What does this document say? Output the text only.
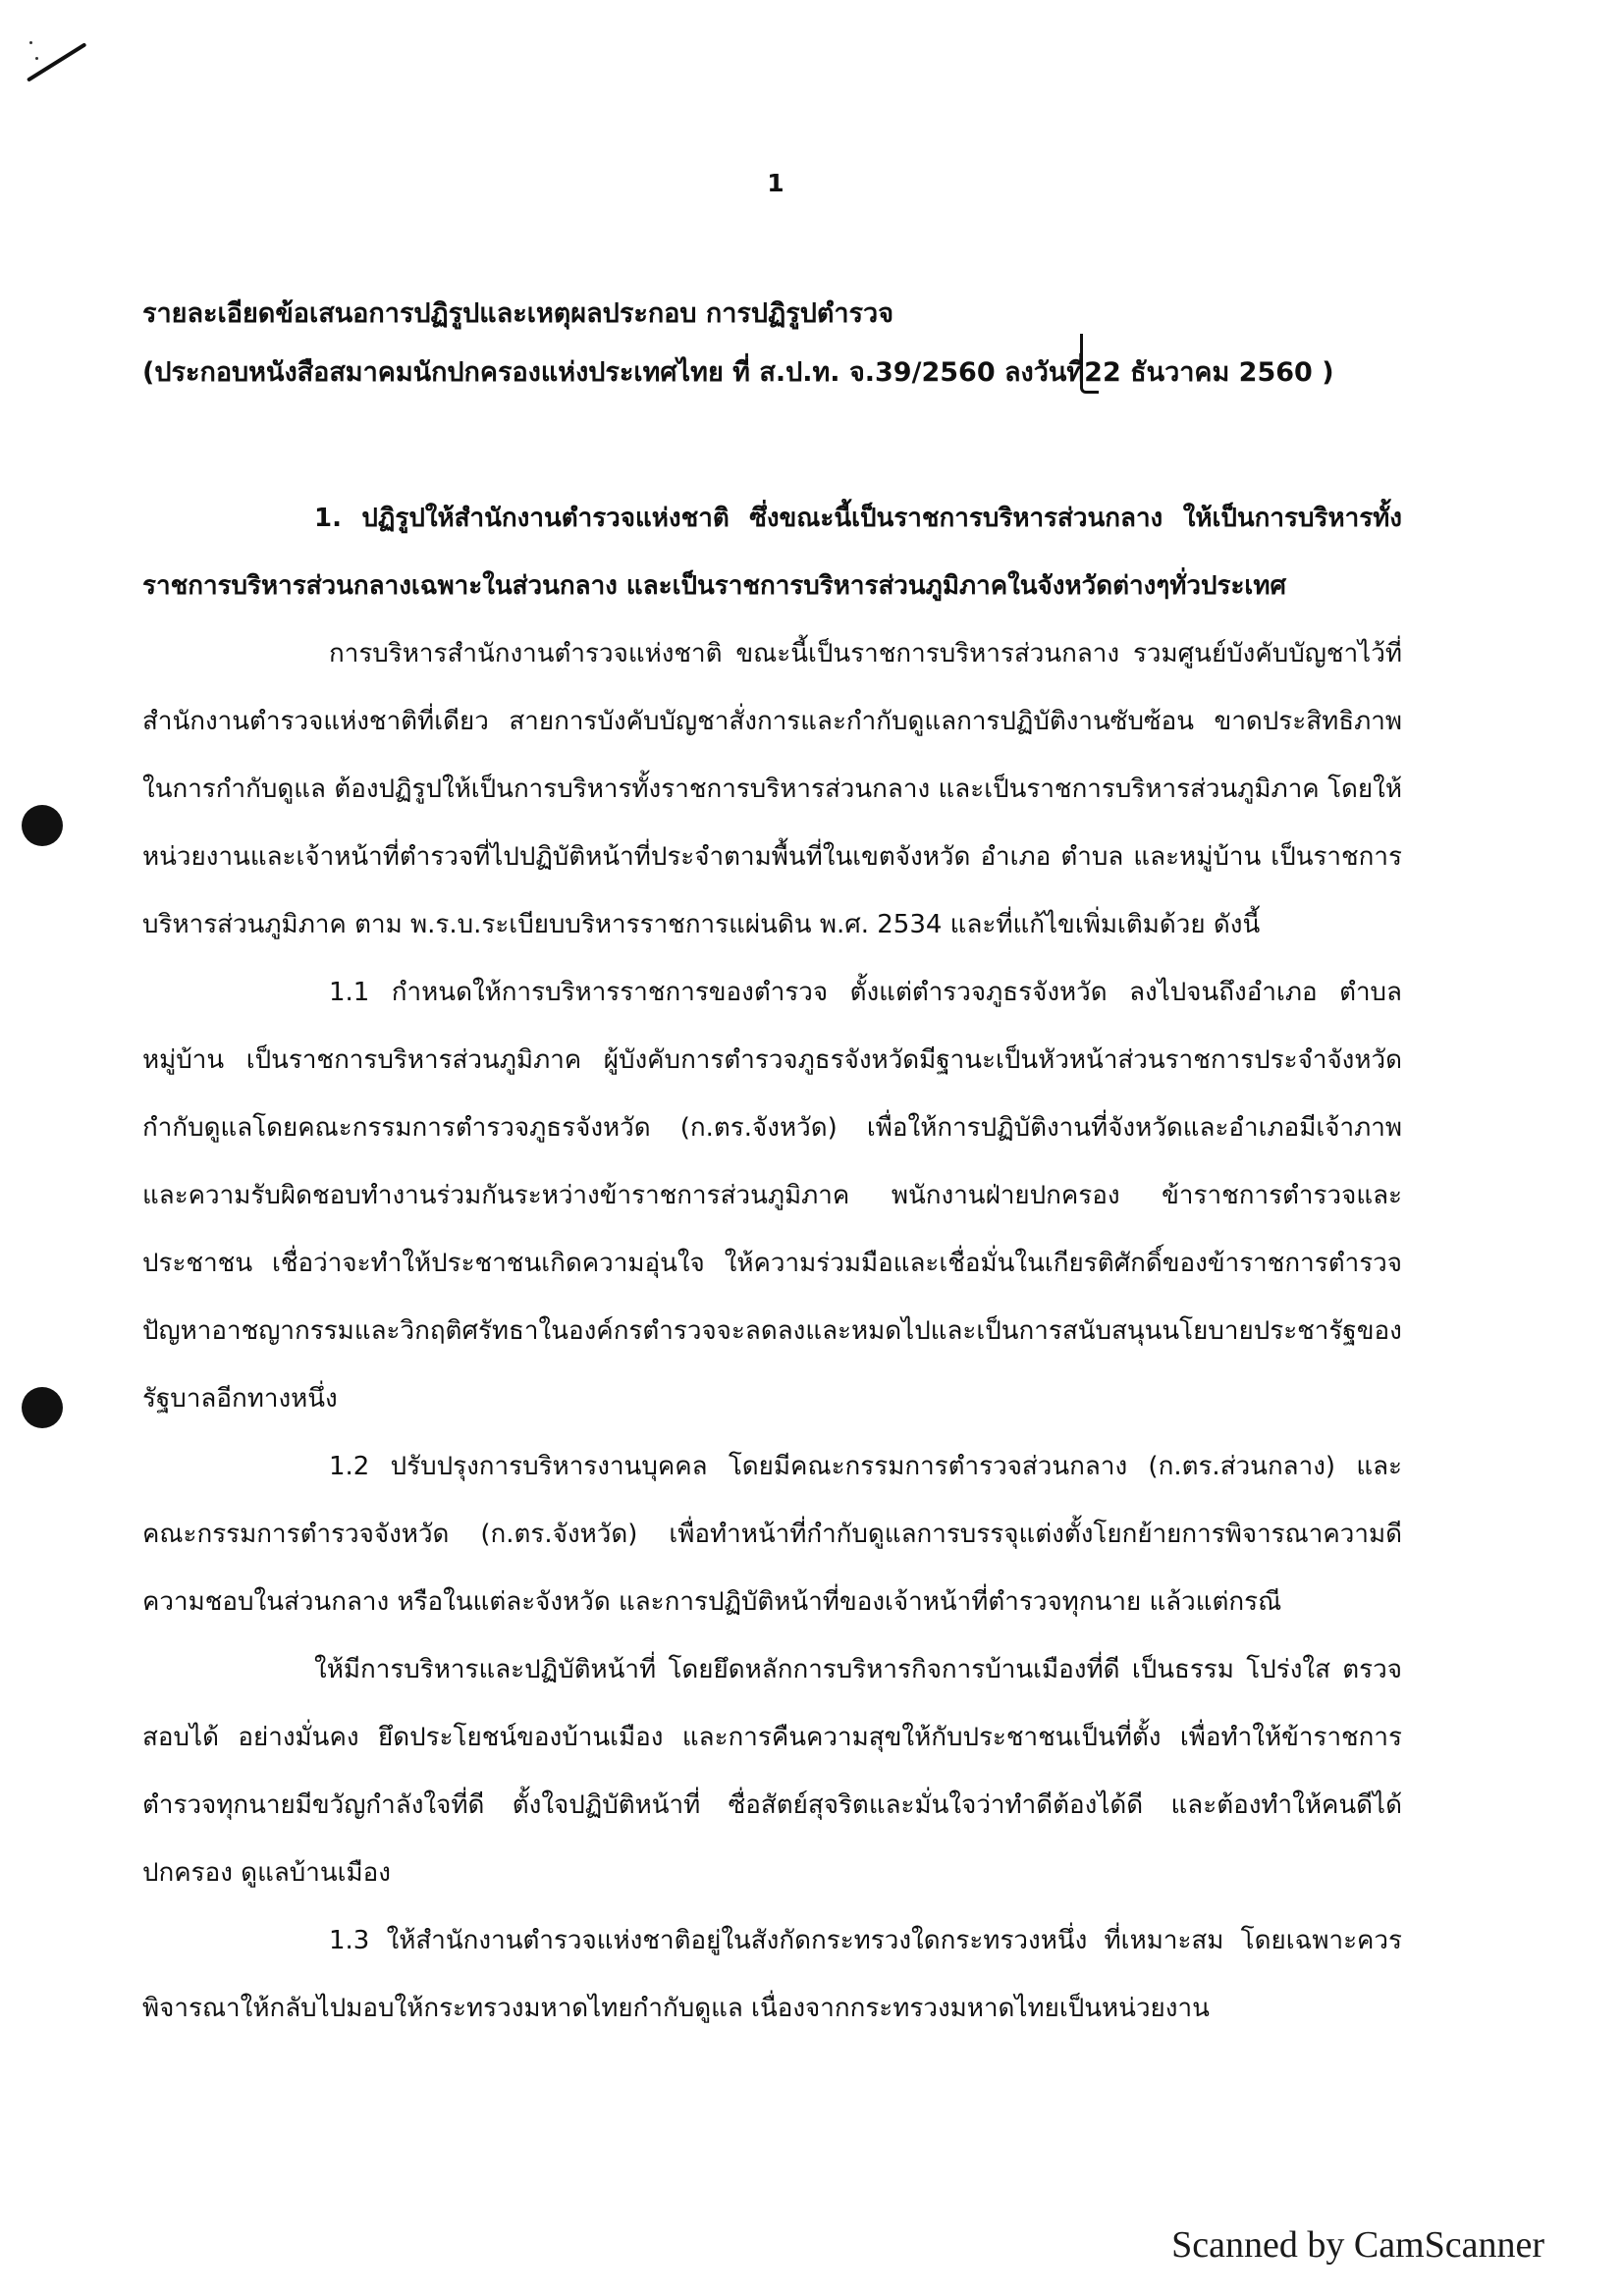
1
รายละเอียดข้อเสนอการปฏิรูปและเหตุผลประกอบ การปฏิรูปตำรวจ
(ประกอบหนังสือสมาคมนักปกครองแห่งประเทศไทย ที่ ส.ป.ท. จ.39/2560 ลงวันที่
22 ธันวาคม 2560 )

1. ปฏิรูปให้สำนักงานตำรวจแห่งชาติ ซึ่งขณะนี้เป็นราชการบริหารส่วนกลาง ให้เป็นการบริหารทั้งราชการบริหารส่วนกลางเฉพาะในส่วนกลาง และเป็นราชการบริหารส่วนภูมิภาคในจังหวัดต่างๆทั่วประเทศ

การบริหารสำนักงานตำรวจแห่งชาติ ขณะนี้เป็นราชการบริหารส่วนกลาง รวมศูนย์บังคับบัญชาไว้ที่สำนักงานตำรวจแห่งชาติที่เดียว สายการบังคับบัญชาสั่งการและกำกับดูแลการปฏิบัติงานซับซ้อน ขาดประสิทธิภาพ ในการกำกับดูแล ต้องปฏิรูปให้เป็นการบริหารทั้งราชการบริหารส่วนกลาง และเป็นราชการบริหารส่วนภูมิภาค โดยให้หน่วยงานและเจ้าหน้าที่ตำรวจที่ไปปฏิบัติหน้าที่ประจำตามพื้นที่ในเขตจังหวัด อำเภอ ตำบล และหมู่บ้าน เป็นราชการบริหารส่วนภูมิภาค ตาม พ.ร.บ.ระเบียบบริหารราชการแผ่นดิน พ.ศ. 2534 และที่แก้ไขเพิ่มเติมด้วย ดังนี้

1.1 กำหนดให้การบริหารราชการของตำรวจ ตั้งแต่ตำรวจภูธรจังหวัด ลงไปจนถึงอำเภอ ตำบล หมู่บ้าน เป็นราชการบริหารส่วนภูมิภาค ผู้บังคับการตำรวจภูธรจังหวัดมีฐานะเป็นหัวหน้าส่วนราชการประจำจังหวัด กำกับดูแลโดยคณะกรรมการตำรวจภูธรจังหวัด (ก.ตร.จังหวัด) เพื่อให้การปฏิบัติงานที่จังหวัดและอำเภอมีเจ้าภาพ และความรับผิดชอบทำงานร่วมกันระหว่างข้าราชการส่วนภูมิภาค พนักงานฝ่ายปกครอง ข้าราชการตำรวจและประชาชน เชื่อว่าจะทำให้ประชาชนเกิดความอุ่นใจ ให้ความร่วมมือและเชื่อมั่นในเกียรติศักดิ์ของข้าราชการตำรวจ ปัญหาอาชญากรรมและวิกฤติศรัทธาในองค์กรตำรวจจะลดลงและหมดไปและเป็นการสนับสนุนนโยบายประชารัฐของรัฐบาลอีกทางหนึ่ง

1.2 ปรับปรุงการบริหารงานบุคคล โดยมีคณะกรรมการตำรวจส่วนกลาง (ก.ตร.ส่วนกลาง) และคณะกรรมการตำรวจจังหวัด (ก.ตร.จังหวัด) เพื่อทำหน้าที่กำกับดูแลการบรรจุแต่งตั้งโยกย้ายการพิจารณาความดีความชอบในส่วนกลาง หรือในแต่ละจังหวัด และการปฏิบัติหน้าที่ของเจ้าหน้าที่ตำรวจทุกนาย แล้วแต่กรณี

ให้มีการบริหารและปฏิบัติหน้าที่ โดยยึดหลักการบริหารกิจการบ้านเมืองที่ดี เป็นธรรม โปร่งใส ตรวจสอบได้ อย่างมั่นคง ยึดประโยชน์ของบ้านเมือง และการคืนความสุขให้กับประชาชนเป็นที่ตั้ง เพื่อทำให้ข้าราชการตำรวจทุกนายมีขวัญกำลังใจที่ดี ตั้งใจปฏิบัติหน้าที่ ซื่อสัตย์สุจริตและมั่นใจว่าทำดีต้องได้ดี และต้องทำให้คนดีได้ปกครอง ดูแลบ้านเมือง

1.3 ให้สำนักงานตำรวจแห่งชาติอยู่ในสังกัดกระทรวงใดกระทรวงหนึ่ง ที่เหมาะสม โดยเฉพาะควรพิจารณาให้กลับไปมอบให้กระทรวงมหาดไทยกำกับดูแล เนื่องจากกระทรวงมหาดไทยเป็นหน่วยงาน

Scanned by CamScanner
